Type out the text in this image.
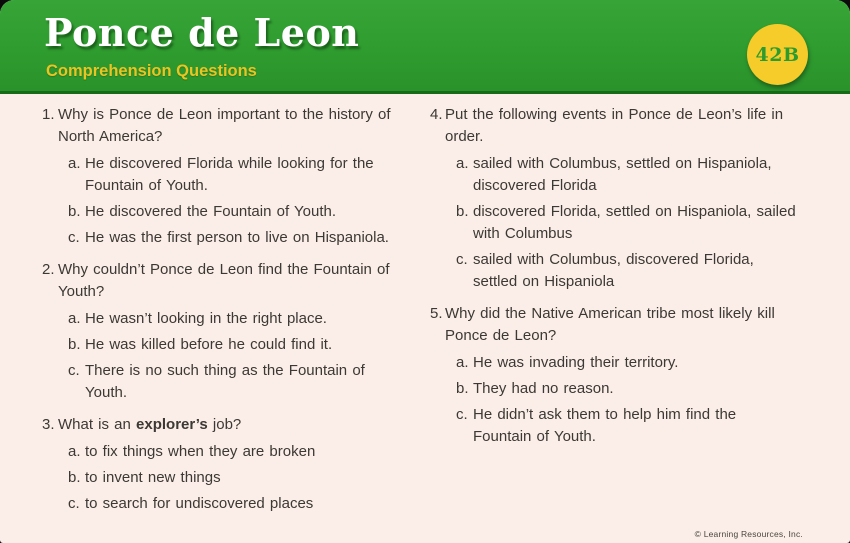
Ponce de Leon
Comprehension Questions
42B
1. Why is Ponce de Leon important to the history of North America?
a. He discovered Florida while looking for the Fountain of Youth.
b. He discovered the Fountain of Youth.
c. He was the first person to live on Hispaniola.
2. Why couldn’t Ponce de Leon find the Fountain of Youth?
a. He wasn’t looking in the right place.
b. He was killed before he could find it.
c. There is no such thing as the Fountain of Youth.
3. What is an explorer’s job?
a. to fix things when they are broken
b. to invent new things
c. to search for undiscovered places
4. Put the following events in Ponce de Leon’s life in order.
a. sailed with Columbus, settled on Hispaniola, discovered Florida
b. discovered Florida, settled on Hispaniola, sailed with Columbus
c. sailed with Columbus, discovered Florida, settled on Hispaniola
5. Why did the Native American tribe most likely kill Ponce de Leon?
a. He was invading their territory.
b. They had no reason.
c. He didn’t ask them to help him find the Fountain of Youth.
© Learning Resources, Inc.
